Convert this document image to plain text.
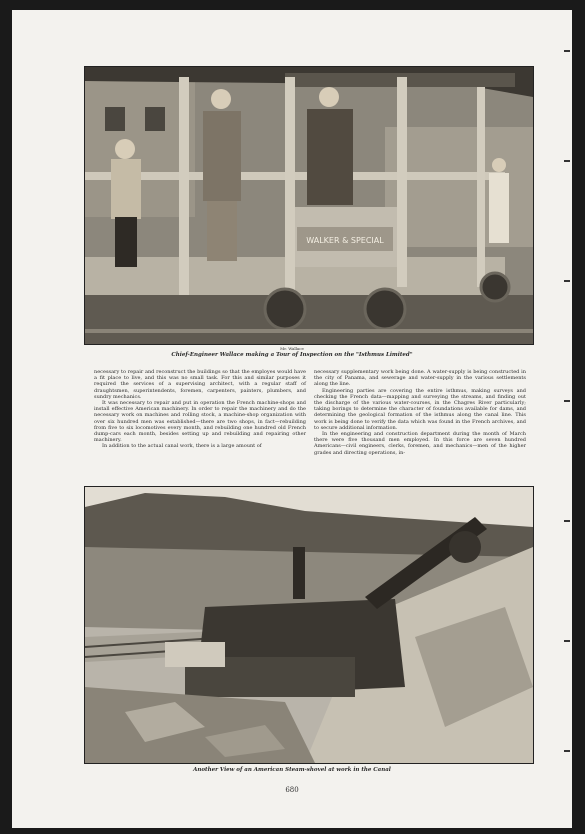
WALKER & SPECIAL
Mr. Wallace
Chief-Engineer Wallace making a Tour of Inspection on the "Isthmus Limited"

necessary to repair and reconstruct the buildings so that the employes would have a fit place to live, and this was no small task. For this and similar purposes it required the services of a supervising architect, with a regular staff of draughtsmen, superintendents, foremen, carpenters, painters, plumbers, and sundry mechanics.

It was necessary to repair and put in operation the French machine-shops and install effective American machinery. In order to repair the machinery and do the necessary work on machines and rolling stock, a machine-shop organization with over six hundred men was established—there are two shops, in fact—rebuilding from five to six locomotives every month, and rebuilding one hundred old French dump-cars each month, besides setting up and rebuilding and repairing other machinery.

In addition to the actual canal work, there is a large amount of

necessary supplementary work being done. A water-supply is being constructed in the city of Panama, and sewerage and water-supply in the various settlements along the line.

Engineering parties are covering the entire isthmus, making surveys and checking the French data—mapping and surveying the streams, and finding out the discharge of the various water-courses, in the Chagres River particularly; taking borings to determine the character of foundations available for dams, and determining the geological formation of the isthmus along the canal line. This work is being done to verify the data which was found in the French archives, and to secure additional information.

In the engineering and construction department during the month of March there were five thousand men employed. In this force are seven hundred Americans—civil engineers, clerks, foremen, and mechanics—men of the higher grades and directing operations, in-

Another View of an American Steam-shovel at work in the Canal
680
